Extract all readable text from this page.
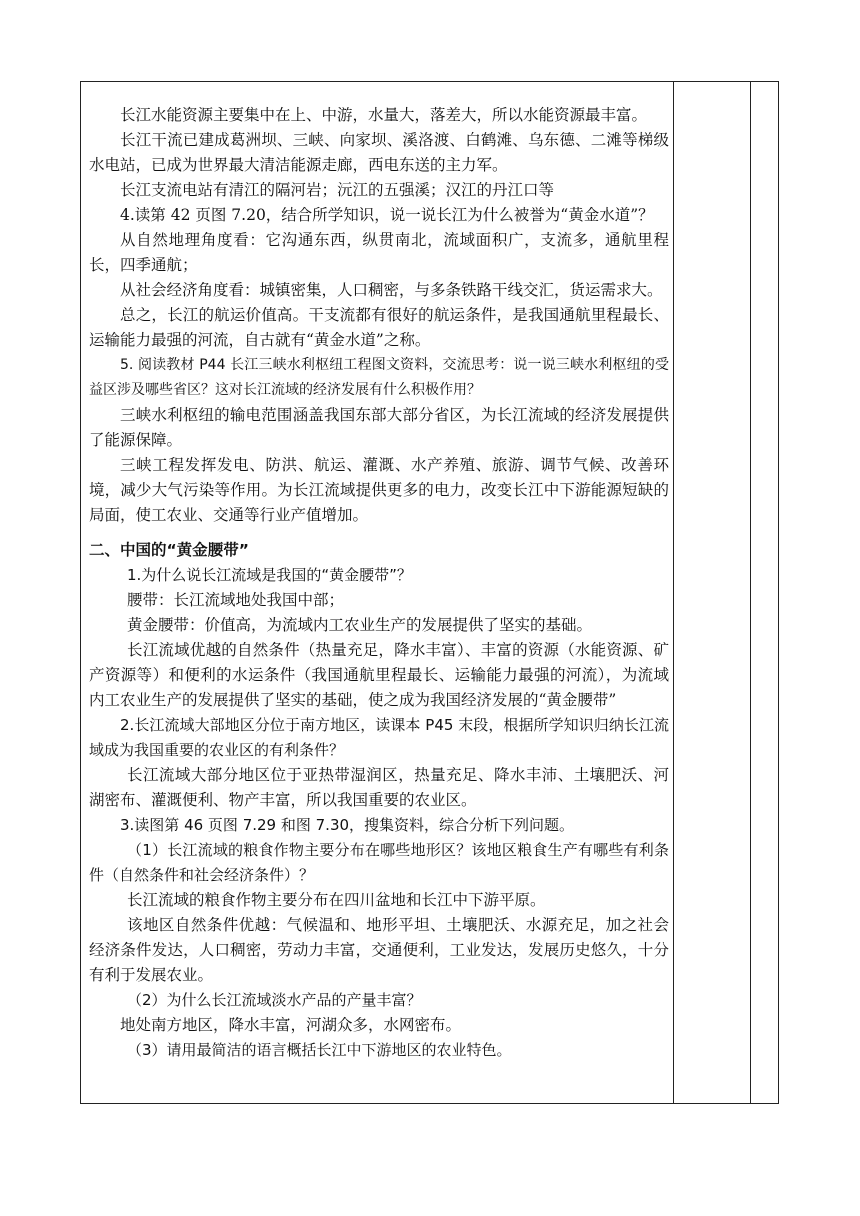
长江水能资源主要集中在上、中游，水量大，落差大，所以水能资源最丰富。

长江干流已建成葛洲坝、三峡、向家坝、溪洛渡、白鹤滩、乌东德、二滩等梯级水电站，已成为世界最大清洁能源走廊，西电东送的主力军。

长江支流电站有清江的隔河岩；沅江的五强溪；汉江的丹江口等

4.读第 42 页图 7.20，结合所学知识，说一说长江为什么被誉为“黄金水道”？

从自然地理角度看：它沟通东西，纵贯南北，流域面积广，支流多，通航里程长，四季通航；

从社会经济角度看：城镇密集，人口稠密，与多条铁路干线交汇，货运需求大。

总之，长江的航运价值高。干支流都有很好的航运条件，是我国通航里程最长、运输能力最强的河流，自古就有“黄金水道”之称。

5. 阅读教材 P44 长江三峡水利枢纽工程图文资料，交流思考：说一说三峡水利枢纽的受益区涉及哪些省区？这对长江流域的经济发展有什么积极作用？

三峡水利枢纽的输电范围涵盖我国东部大部分省区，为长江流域的经济发展提供了能源保障。

三峡工程发挥发电、防洪、航运、灌溉、水产养殖、旅游、调节气候、改善环境，减少大气污染等作用。为长江流域提供更多的电力，改变长江中下游能源短缺的局面，使工农业、交通等行业产值增加。

二、中国的“黄金腰带”

1.为什么说长江流域是我国的“黄金腰带”？

腰带：长江流域地处我国中部；

黄金腰带：价值高，为流域内工农业生产的发展提供了坚实的基础。

长江流域优越的自然条件（热量充足，降水丰富）、丰富的资源（水能资源、矿产资源等）和便利的水运条件（我国通航里程最长、运输能力最强的河流），为流域内工农业生产的发展提供了坚实的基础，使之成为我国经济发展的“黄金腰带”

2.长江流域大部地区分位于南方地区，读课本 P45 末段，根据所学知识归纳长江流域成为我国重要的农业区的有利条件？

长江流域大部分地区位于亚热带湿润区，热量充足、降水丰沛、土壤肥沃、河湖密布、灌溉便利、物产丰富，所以我国重要的农业区。

3.读图第 46 页图 7.29 和图 7.30，搜集资料，综合分析下列问题。

（1）长江流域的粮食作物主要分布在哪些地形区？该地区粮食生产有哪些有利条件（自然条件和社会经济条件）？

长江流域的粮食作物主要分布在四川盆地和长江中下游平原。

该地区自然条件优越：气候温和、地形平坦、土壤肥沃、水源充足，加之社会经济条件发达，人口稠密，劳动力丰富，交通便利，工业发达，发展历史悠久，十分有利于发展农业。

（2）为什么长江流域淡水产品的产量丰富？

地处南方地区，降水丰富，河湖众多，水网密布。

（3）请用最简洁的语言概括长江中下游地区的农业特色。
